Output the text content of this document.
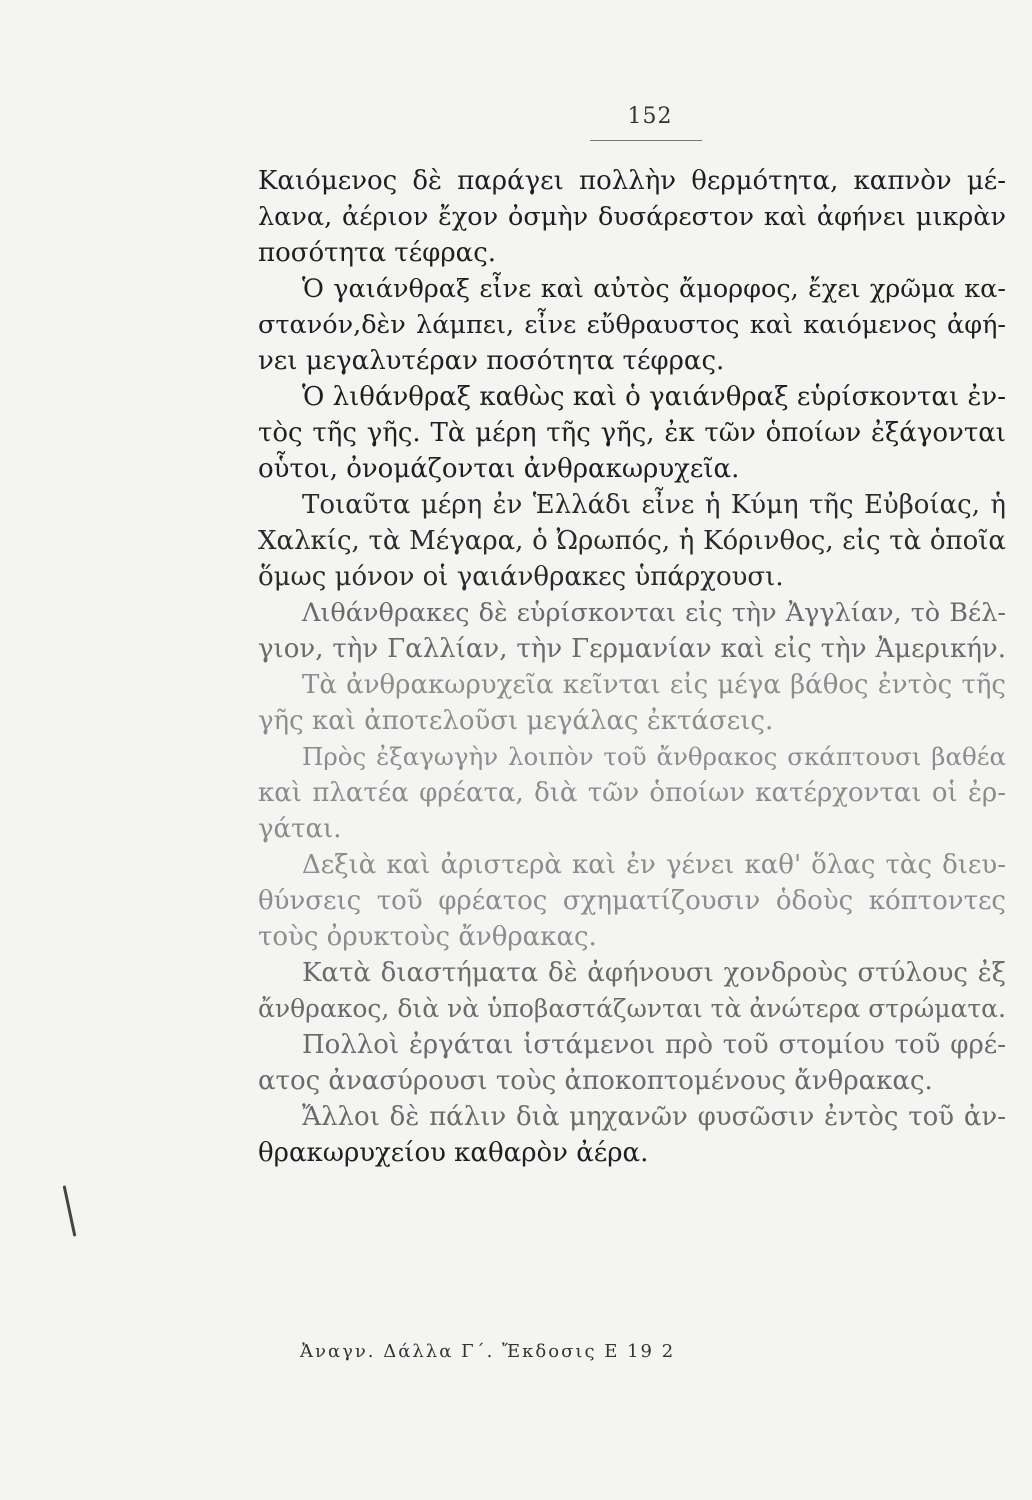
152
Καιόμενος δὲ παράγει πολλὴν θερμότητα, καπνὸν μέ-
λανα, ἀέριον ἔχον ὀσμὴν δυσάρεστον καὶ ἀφήνει μικρὰν
ποσότητα τέφρας.
Ὁ γαιάνθραξ εἶνε καὶ αὐτὸς ἄμορφος, ἔχει χρῶμα κα-
στανόν,δὲν λάμπει, εἶνε εὔθραυστος καὶ καιόμενος ἀφή-
νει μεγαλυτέραν ποσότητα τέφρας.
Ὁ λιθάνθραξ καθὼς καὶ ὁ γαιάνθραξ εὑρίσκονται ἐν-
τὸς τῆς γῆς. Τὰ μέρη τῆς γῆς, ἐκ τῶν ὁποίων ἐξάγονται
οὗτοι, ὀνομάζονται ἀνθρακωρυχεῖα.
Τοιαῦτα μέρη ἐν Ἑλλάδι εἶνε ἡ Κύμη τῆς Εὐβοίας, ἡ
Χαλκίς, τὰ Μέγαρα, ὁ Ὠρωπός, ἡ Κόρινθος, εἰς τὰ ὁποῖα
ὅμως μόνον οἱ γαιάνθρακες ὑπάρχουσι.
Λιθάνθρακες δὲ εὑρίσκονται εἰς τὴν Ἀγγλίαν, τὸ Βέλ-
γιον, τὴν Γαλλίαν, τὴν Γερμανίαν καὶ εἰς τὴν Ἀμερικήν.
Τὰ ἀνθρακωρυχεῖα κεῖνται εἰς μέγα βάθος ἐντὸς τῆς
γῆς καὶ ἀποτελοῦσι μεγάλας ἐκτάσεις.
Πρὸς ἐξαγωγὴν λοιπὸν τοῦ ἄνθρακος σκάπτουσι βαθέα
καὶ πλατέα φρέατα, διὰ τῶν ὁποίων κατέρχονται οἱ ἐρ-
γάται.
Δεξιὰ καὶ ἀριστερὰ καὶ ἐν γένει καθ' ὅλας τὰς διευ-
θύνσεις τοῦ φρέατος σχηματίζουσιν ὁδοὺς κόπτοντες
τοὺς ὀρυκτοὺς ἄνθρακας.
Κατὰ διαστήματα δὲ ἀφήνουσι χονδροὺς στύλους ἐξ
ἄνθρακος, διὰ νὰ ὑποβαστάζωνται τὰ ἀνώτερα στρώματα.
Πολλοὶ ἐργάται ἱστάμενοι πρὸ τοῦ στομίου τοῦ φρέ-
ατος ἀνασύρουσι τοὺς ἀποκοπτομένους ἄνθρακας.
Ἄλλοι δὲ πάλιν διὰ μηχανῶν φυσῶσιν ἐντὸς τοῦ ἀν-
θρακωρυχείου καθαρὸν ἀέρα.
Ἀναγν. Δάλλα Γ΄. Ἔκδοσις Ε 19 2
